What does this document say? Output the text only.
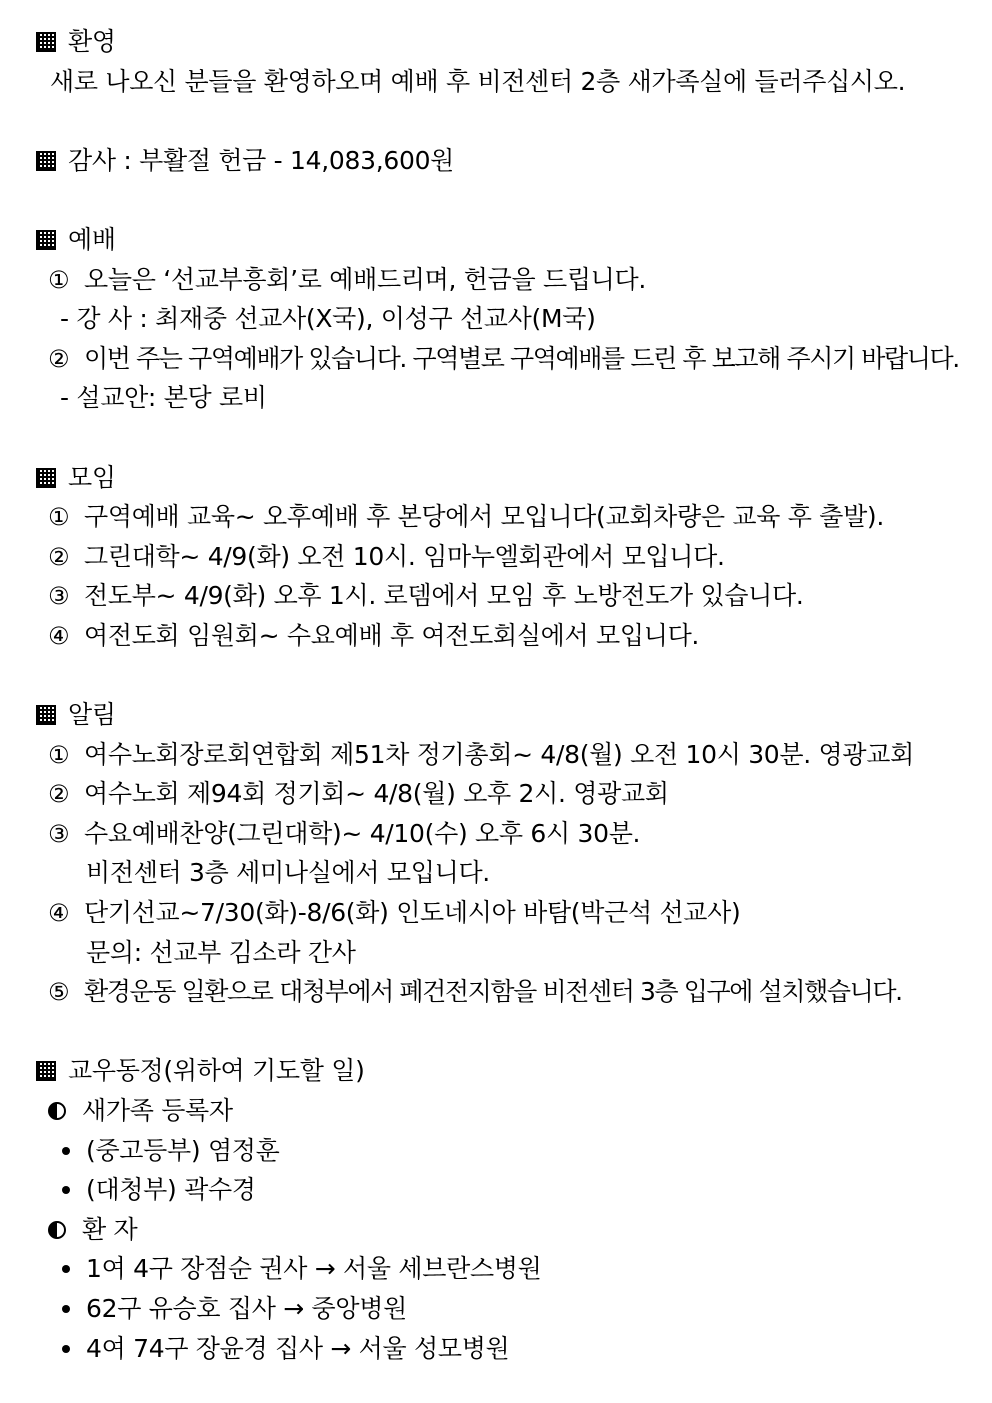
환영
새로 나오신 분들을 환영하오며 예배 후 비전센터 2층 새가족실에 들러주십시오.
감사 : 부활절 헌금 - 14,083,600원
예배
① 오늘은 ‘선교부흥회’로 예배드리며, 헌금을 드립니다.
- 강 사 : 최재중 선교사(X국), 이성구 선교사(M국)
② 이번 주는 구역예배가 있습니다. 구역별로 구역예배를 드린 후 보고해 주시기 바랍니다.
- 설교안: 본당 로비
모임
① 구역예배 교육~ 오후예배 후 본당에서 모입니다(교회차량은 교육 후 출발).
② 그린대학~ 4/9(화) 오전 10시. 임마누엘회관에서 모입니다.
③ 전도부~ 4/9(화) 오후 1시. 로뎀에서 모임 후 노방전도가 있습니다.
④ 여전도회 임원회~ 수요예배 후 여전도회실에서 모입니다.
알림
① 여수노회장로회연합회 제51차 정기총회~ 4/8(월) 오전 10시 30분. 영광교회
② 여수노회 제94회 정기회~ 4/8(월) 오후 2시. 영광교회
③ 수요예배찬양(그린대학)~ 4/10(수) 오후 6시 30분.
비전센터 3층 세미나실에서 모입니다.
④ 단기선교~7/30(화)-8/6(화) 인도네시아 바탐(박근석 선교사)
문의: 선교부 김소라 간사
⑤ 환경운동 일환으로 대청부에서 폐건전지함을 비전센터 3층 입구에 설치했습니다.
교우동정(위하여 기도할 일)
새가족 등록자
(중고등부) 염정훈
(대청부) 곽수경
환 자
1여 4구 장점순 권사 → 서울 세브란스병원
62구 유승호 집사 → 중앙병원
4여 74구 장윤경 집사 → 서울 성모병원
